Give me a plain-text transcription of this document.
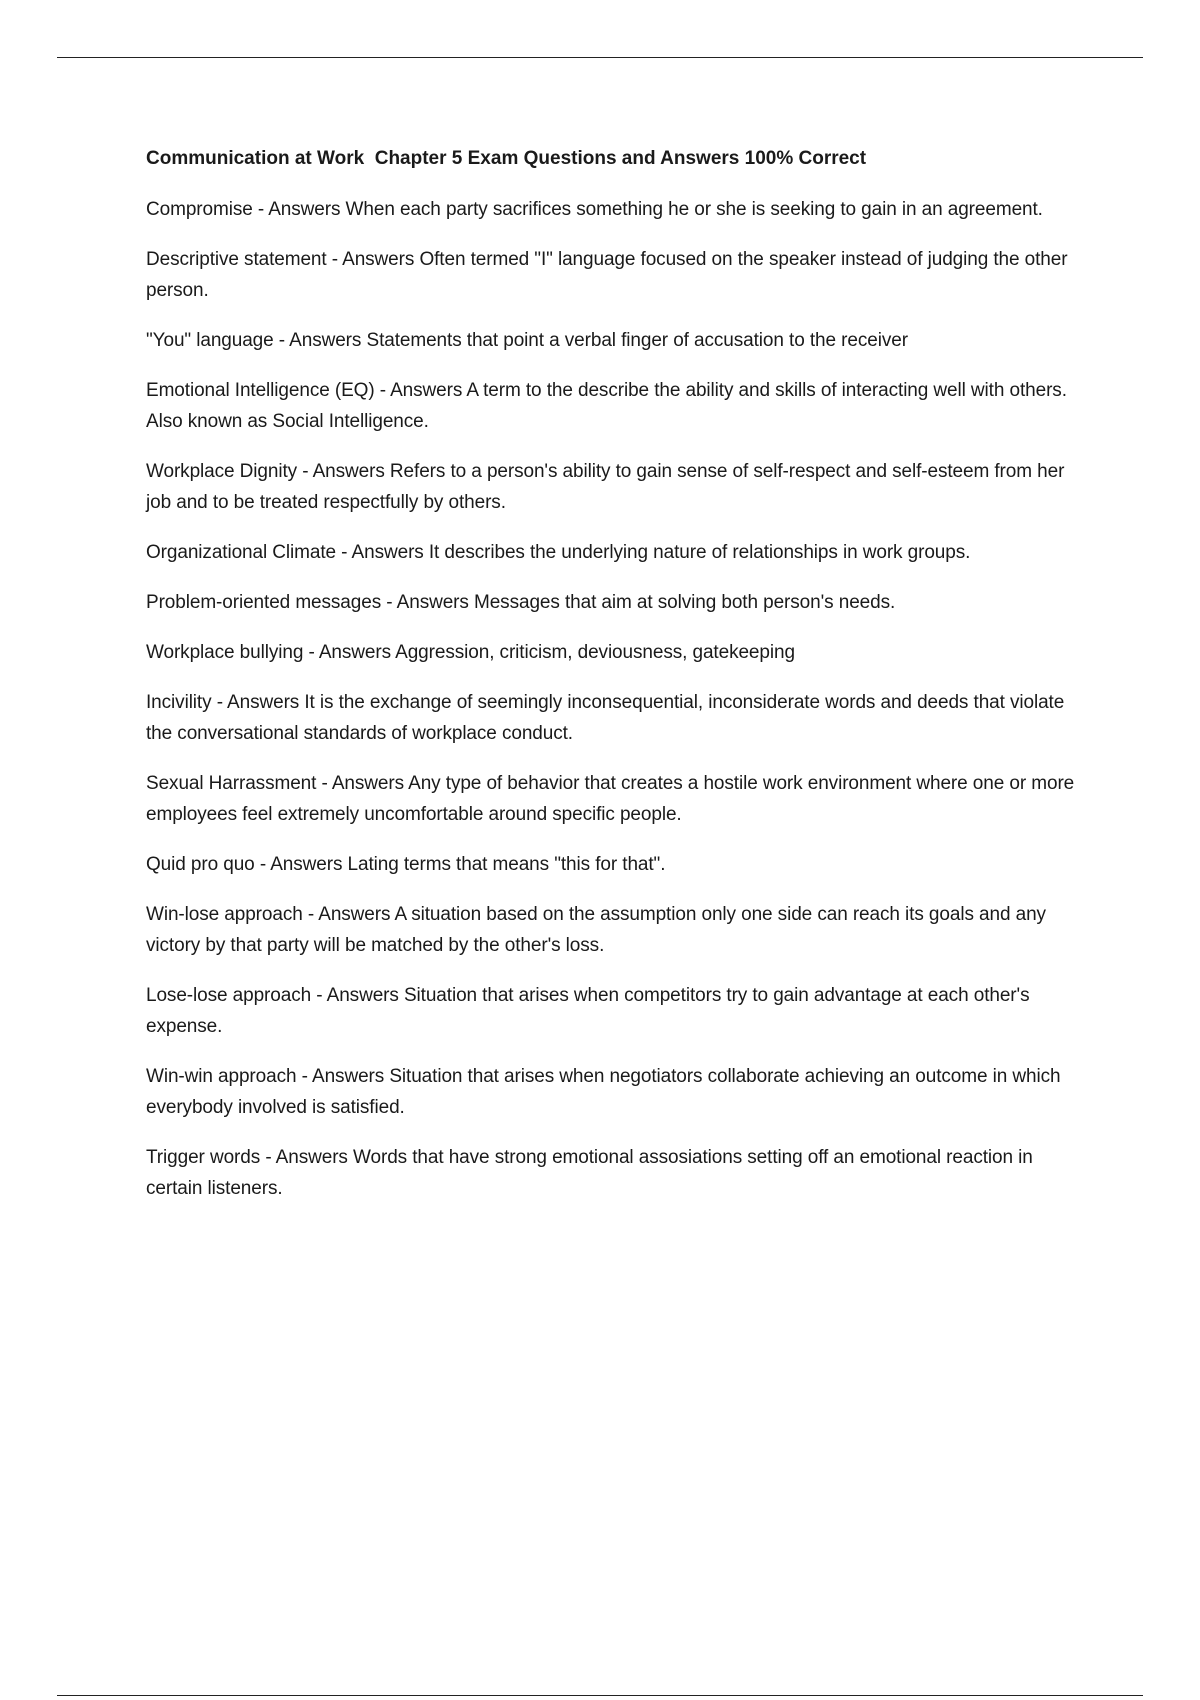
Communication at Work  Chapter 5 Exam Questions and Answers 100% Correct
Compromise - Answers When each party sacrifices something he or she is seeking to gain in an agreement.
Descriptive statement - Answers Often termed "I" language focused on the speaker instead of judging the other person.
"You" language - Answers Statements that point a verbal finger of accusation to the receiver
Emotional Intelligence (EQ) - Answers A term to the describe the ability and skills of interacting well with others. Also known as Social Intelligence.
Workplace Dignity - Answers Refers to a person's ability to gain sense of self-respect and self-esteem from her job and to be treated respectfully by others.
Organizational Climate - Answers It describes the underlying nature of relationships in work groups.
Problem-oriented messages - Answers Messages that aim at solving both person's needs.
Workplace bullying - Answers Aggression, criticism, deviousness, gatekeeping
Incivility - Answers It is the exchange of seemingly inconsequential, inconsiderate words and deeds that violate the conversational standards of workplace conduct.
Sexual Harrassment - Answers Any type of behavior that creates a hostile work environment where one or more employees feel extremely uncomfortable around specific people.
Quid pro quo - Answers Lating terms that means "this for that".
Win-lose approach - Answers A situation based on the assumption only one side can reach its goals and any victory by that party will be matched by the other's loss.
Lose-lose approach - Answers Situation that arises when competitors try to gain advantage at each other's expense.
Win-win approach - Answers Situation that arises when negotiators collaborate achieving an outcome in which everybody involved is satisfied.
Trigger words - Answers Words that have strong emotional assosiations setting off an emotional reaction in certain listeners.
